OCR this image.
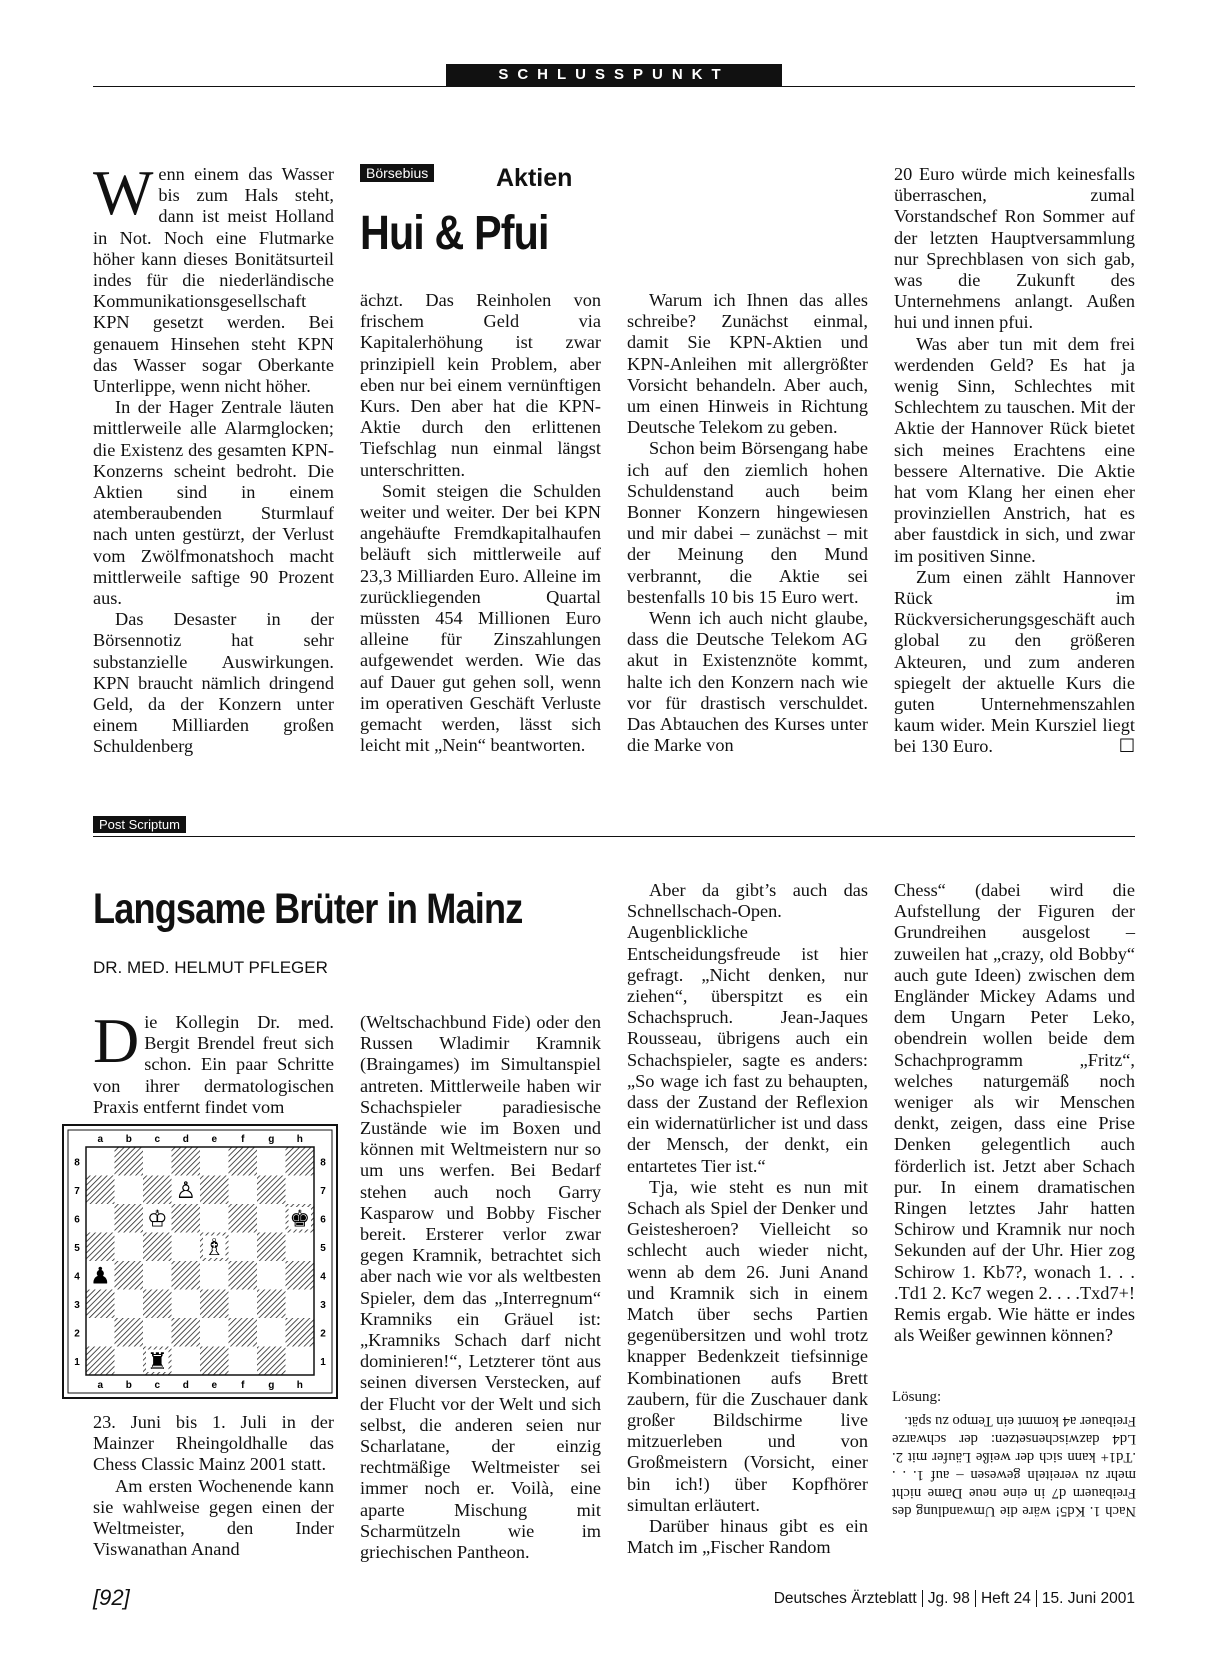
SCHLUSSPUNKT
Börsebius	Aktien
Hui & Pfui

Wenn einem das Wasser bis zum Hals steht, dann ist meist Holland in Not. Noch eine Flutmarke höher kann dieses Bonitätsurteil indes für die niederländische Kommunikationsgesellschaft KPN gesetzt werden. Bei genauem Hinsehen steht KPN das Wasser sogar Oberkante Unterlippe, wenn nicht höher.

In der Hager Zentrale läuten mittlerweile alle Alarmglocken; die Existenz des gesamten KPN-Konzerns scheint bedroht. Die Aktien sind in einem atemberaubenden Sturmlauf nach unten gestürzt, der Verlust vom Zwölfmonatshoch macht mittlerweile saftige 90 Prozent aus.

Das Desaster in der Börsennotiz hat sehr substanzielle Auswirkungen. KPN braucht nämlich dringend Geld, da der Konzern unter einem Milliarden großen Schuldenberg

ächzt. Das Reinholen von frischem Geld via Kapitalerhöhung ist zwar prinzipiell kein Problem, aber eben nur bei einem vernünftigen Kurs. Den aber hat die KPN-Aktie durch den erlittenen Tiefschlag nun einmal längst unterschritten.

Somit steigen die Schulden weiter und weiter. Der bei KPN angehäufte Fremdkapitalhaufen beläuft sich mittlerweile auf 23,3 Milliarden Euro. Alleine im zurückliegenden Quartal müssten 454 Millionen Euro alleine für Zinszahlungen aufgewendet werden. Wie das auf Dauer gut gehen soll, wenn im operativen Geschäft Verluste gemacht werden, lässt sich leicht mit „Nein“ beantworten.

Warum ich Ihnen das alles schreibe? Zunächst einmal, damit Sie KPN-Aktien und KPN-Anleihen mit allergrößter Vorsicht behandeln. Aber auch, um einen Hinweis in Richtung Deutsche Telekom zu geben.

Schon beim Börsengang habe ich auf den ziemlich hohen Schuldenstand auch beim Bonner Konzern hingewiesen und mir dabei – zunächst – mit der Meinung den Mund verbrannt, die Aktie sei bestenfalls 10 bis 15 Euro wert.

Wenn ich auch nicht glaube, dass die Deutsche Telekom AG akut in Existenznöte kommt, halte ich den Konzern nach wie vor für drastisch verschuldet. Das Abtauchen des Kurses unter die Marke von

20 Euro würde mich keinesfalls überraschen, zumal Vorstandschef Ron Sommer auf der letzten Hauptversammlung nur Sprechblasen von sich gab, was die Zukunft des Unternehmens anlangt. Außen hui und innen pfui.

Was aber tun mit dem frei werdenden Geld? Es hat ja wenig Sinn, Schlechtes mit Schlechtem zu tauschen. Mit der Aktie der Hannover Rück bietet sich meines Erachtens eine bessere Alternative. Die Aktie hat vom Klang her einen eher provinziellen Anstrich, hat es aber faustdick in sich, und zwar im positiven Sinne.

Zum einen zählt Hannover Rück im Rückversicherungsgeschäft auch global zu den größeren Akteuren, und zum anderen spiegelt der aktuelle Kurs die guten Unternehmenszahlen kaum wider. Mein Kursziel liegt bei 130 Euro.	☐

Post Scriptum
Langsame Brüter in Mainz
DR. MED. HELMUT PFLEGER

Die Kollegin Dr. med. Bergit Brendel freut sich schon. Ein paar Schritte von ihrer dermatologischen Praxis entfernt findet vom

a
a
b
b
c
c
d
d
e
e
f
f
g
g
h
h
8	8
7	7
6	6
5	5
4	4
3	3
2	2
1	1
♙
♔
♗
♚
♟
♜

23. Juni bis 1. Juli in der Mainzer Rheingoldhalle das Chess Classic Mainz 2001 statt.

Am ersten Wochenende kann sie wahlweise gegen einen der Weltmeister, den Inder Viswanathan Anand

(Weltschachbund Fide) oder den Russen Wladimir Kramnik (Braingames) im Simultanspiel antreten. Mittlerweile haben wir Schachspieler paradiesische Zustände wie im Boxen und können mit Weltmeistern nur so um uns werfen. Bei Bedarf stehen auch noch Garry Kasparow und Bobby Fischer bereit. Ersterer verlor zwar gegen Kramnik, betrachtet sich aber nach wie vor als weltbesten Spieler, dem das „Interregnum“ Kramniks ein Gräuel ist: „Kramniks Schach darf nicht dominieren!“, Letzterer tönt aus seinen diversen Verstecken, auf der Flucht vor der Welt und sich selbst, die anderen seien nur Scharlatane, der einzig rechtmäßige Weltmeister sei immer noch er. Voilà, eine aparte Mischung mit Scharmützeln wie im griechischen Pantheon.

Aber da gibt’s auch das Schnellschach-Open. Augenblickliche Entscheidungsfreude ist hier gefragt. „Nicht denken, nur ziehen“, überspitzt es ein Schachspruch. Jean-Jaques Rousseau, übrigens auch ein Schachspieler, sagte es anders: „So wage ich fast zu behaupten, dass der Zustand der Reflexion ein widernatürlicher ist und dass der Mensch, der denkt, ein entartetes Tier ist.“

Tja, wie steht es nun mit Schach als Spiel der Denker und Geistesheroen? Vielleicht so schlecht auch wieder nicht, wenn ab dem 26. Juni Anand und Kramnik sich in einem Match über sechs Partien gegenübersitzen und wohl trotz knapper Bedenkzeit tiefsinnige Kombinationen aufs Brett zaubern, für die Zuschauer dank großer Bildschirme live mitzuerleben und von Großmeistern (Vorsicht, einer bin ich!) über Kopfhörer simultan erläutert.

Darüber hinaus gibt es ein Match im „Fischer Random

Chess“ (dabei wird die Aufstellung der Figuren der Grundreihen ausgelost – zuweilen hat „crazy, old Bobby“ auch gute Ideen) zwischen dem Engländer Mickey Adams und dem Ungarn Peter Leko, obendrein wollen beide dem Schachprogramm „Fritz“, welches naturgemäß noch weniger als wir Menschen denkt, zeigen, dass eine Prise Denken gelegentlich auch förderlich ist. Jetzt aber Schach pur. In einem dramatischen Ringen letztes Jahr hatten Schirow und Kramnik nur noch Sekunden auf der Uhr. Hier zog Schirow 1. Kb7?, wonach 1. . . .Td1 2. Kc7 wegen 2. . . .Txd7+! Remis ergab. Wie hätte er indes als Weißer gewinnen können?

Lösung:
Nach 1. Kd5! wäre die Umwandlung des Freibauern d7 in eine neue Dame nicht mehr zu vereiteln gewesen – auf 1. . . .Td1+ kann sich der weiße Läufer mit 2. Ld4 dazwischensetzen: der schwarze Freibauer a4 kommt ein Tempo zu spät.
[92]	Deutsches Ärzteblatt Jg. 98 Heft 24 15. Juni 2001
